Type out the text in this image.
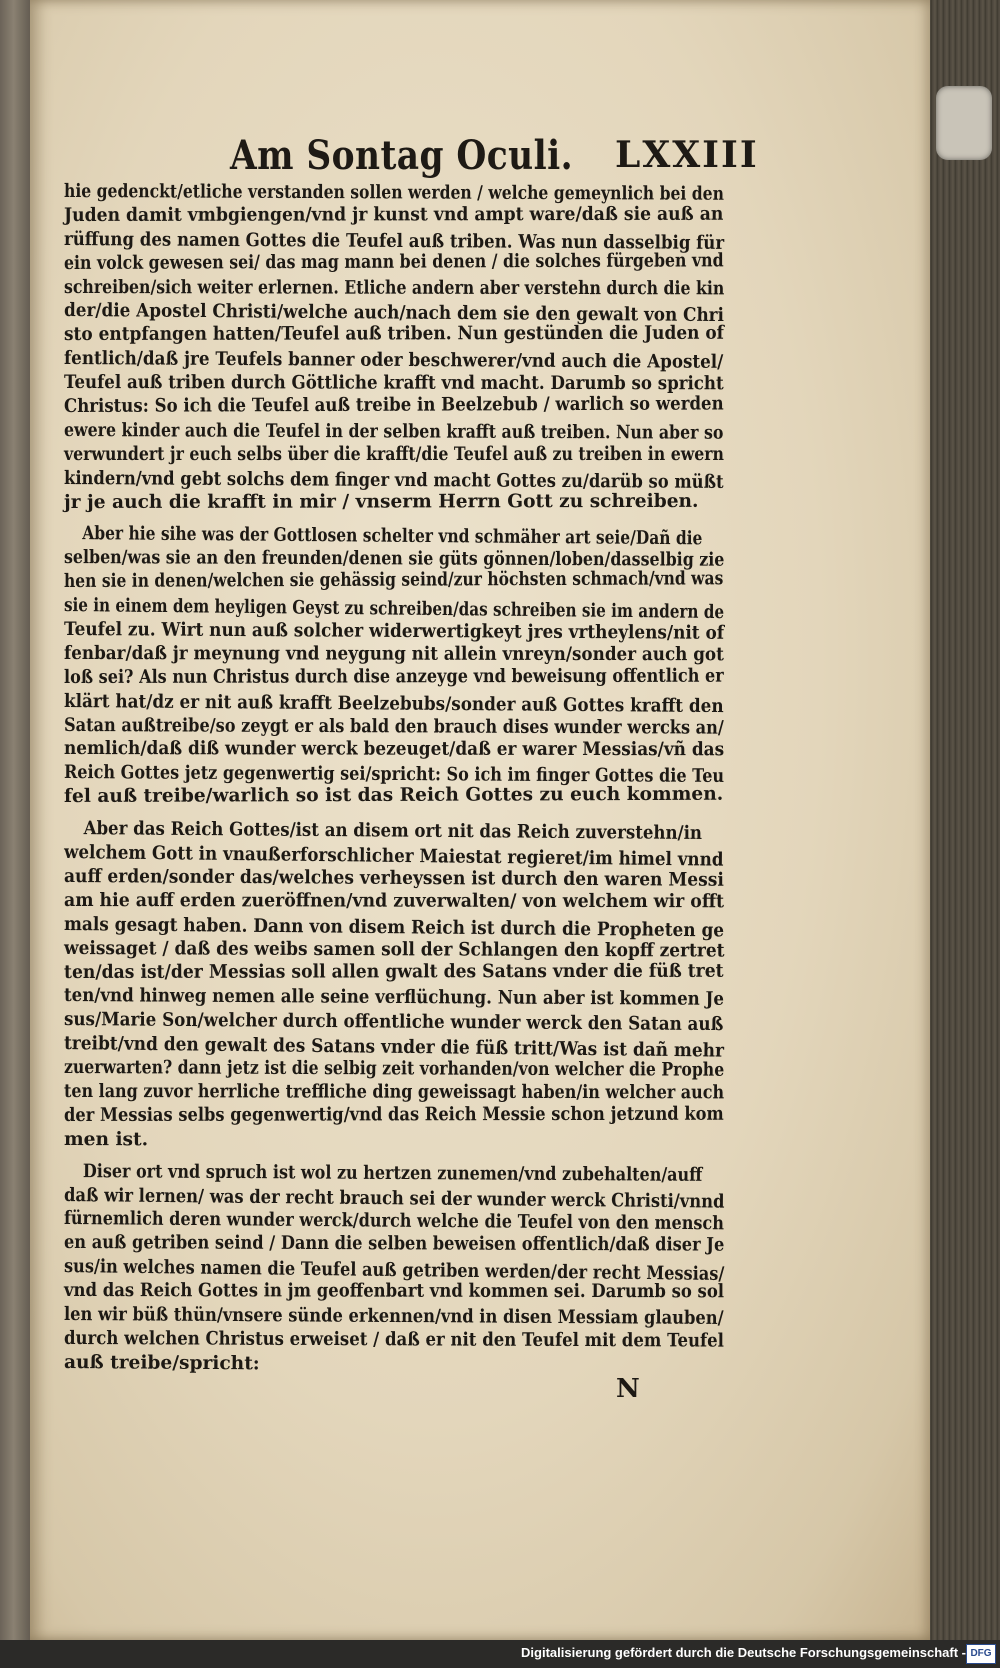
Am Sontag Oculi. LXXIII
hie gedenckt/etliche verstanden sollen werden / welche gemeynlich bei den
Juden damit vmbgiengen/vnd jr kunst vnd ampt ware/daß sie auß an
rüffung des namen Gottes die Teufel auß triben. Was nun dasselbig für
ein volck gewesen sei/ das mag mann bei denen / die solches fürgeben vnd
schreiben/sich weiter erlernen. Etliche andern aber verstehn durch die kin
der/die Apostel Christi/welche auch/nach dem sie den gewalt von Chri
sto entpfangen hatten/Teufel auß triben. Nun gestünden die Juden of
fentlich/daß jre Teufels banner oder beschwerer/vnd auch die Apostel/
Teufel auß triben durch Göttliche krafft vnd macht. Darumb so spricht
Christus: So ich die Teufel auß treibe in Beelzebub / warlich so werden
ewere kinder auch die Teufel in der selben krafft auß treiben. Nun aber so
verwundert jr euch selbs über die krafft/die Teufel auß zu treiben in ewern
kindern/vnd gebt solchs dem finger vnd macht Gottes zu/darüb so müßt
jr je auch die krafft in mir / vnserm Herrn Gott zu schreiben.
Aber hie sihe was der Gottlosen schelter vnd schmäher art seie/Dañ die
selben/was sie an den freunden/denen sie güts gönnen/loben/dasselbig zie
hen sie in denen/welchen sie gehässig seind/zur höchsten schmach/vnd was
sie in einem dem heyligen Geyst zu schreiben/das schreiben sie im andern de
Teufel zu. Wirt nun auß solcher widerwertigkeyt jres vrtheylens/nit of
fenbar/daß jr meynung vnd neygung nit allein vnreyn/sonder auch got
loß sei? Als nun Christus durch dise anzeyge vnd beweisung offentlich er
klärt hat/dz er nit auß krafft Beelzebubs/sonder auß Gottes krafft den
Satan außtreibe/so zeygt er als bald den brauch dises wunder wercks an/
nemlich/daß diß wunder werck bezeuget/daß er warer Messias/vñ das
Reich Gottes jetz gegenwertig sei/spricht: So ich im finger Gottes die Teu
fel auß treibe/warlich so ist das Reich Gottes zu euch kommen.
Aber das Reich Gottes/ist an disem ort nit das Reich zuverstehn/in
welchem Gott in vnaußerforschlicher Maiestat regieret/im himel vnnd
auff erden/sonder das/welches verheyssen ist durch den waren Messi
am hie auff erden zueröffnen/vnd zuverwalten/ von welchem wir offt
mals gesagt haben. Dann von disem Reich ist durch die Propheten ge
weissaget / daß des weibs samen soll der Schlangen den kopff zertret
ten/das ist/der Messias soll allen gwalt des Satans vnder die füß tret
ten/vnd hinweg nemen alle seine verflüchung. Nun aber ist kommen Je
sus/Marie Son/welcher durch offentliche wunder werck den Satan auß
treibt/vnd den gewalt des Satans vnder die füß tritt/Was ist dañ mehr
zuerwarten? dann jetz ist die selbig zeit vorhanden/von welcher die Prophe
ten lang zuvor herrliche treffliche ding geweissagt haben/in welcher auch
der Messias selbs gegenwertig/vnd das Reich Messie schon jetzund kom
men ist.
Diser ort vnd spruch ist wol zu hertzen zunemen/vnd zubehalten/auff
daß wir lernen/ was der recht brauch sei der wunder werck Christi/vnnd
fürnemlich deren wunder werck/durch welche die Teufel von den mensch
en auß getriben seind / Dann die selben beweisen offentlich/daß diser Je
sus/in welches namen die Teufel auß getriben werden/der recht Messias/
vnd das Reich Gottes in jm geoffenbart vnd kommen sei. Darumb so sol
len wir büß thün/vnsere sünde erkennen/vnd in disen Messiam glauben/
durch welchen Christus erweiset / daß er nit den Teufel mit dem Teufel
auß treibe/spricht:
N
Digitalisierung gefördert durch die Deutsche Forschungsgemeinschaft - DFG
